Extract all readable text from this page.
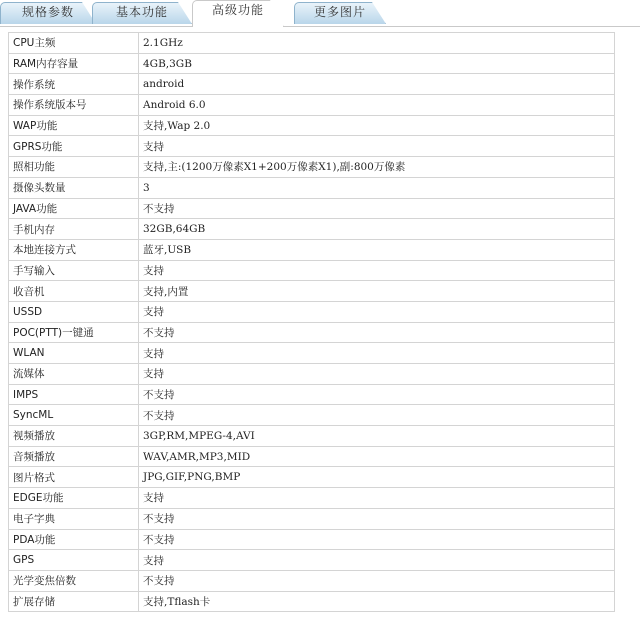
规格参数	基本功能	高级功能	更多图片
CPU主频	2.1GHz
RAM内存容量	4GB,3GB
操作系统	android
操作系统版本号	Android 6.0
WAP功能	支持,Wap 2.0
GPRS功能	支持
照相功能	支持,主:(1200万像素X1+200万像素X1),副:800万像素
摄像头数量	3
JAVA功能	不支持
手机内存	32GB,64GB
本地连接方式	蓝牙,USB
手写输入	支持
收音机	支持,内置
USSD	支持
POC(PTT)一键通	不支持
WLAN	支持
流媒体	支持
IMPS	不支持
SyncML	不支持
视频播放	3GP,RM,MPEG-4,AVI
音频播放	WAV,AMR,MP3,MID
图片格式	JPG,GIF,PNG,BMP
EDGE功能	支持
电子字典	不支持
PDA功能	不支持
GPS	支持
光学变焦倍数	不支持
扩展存储	支持,Tflash卡
